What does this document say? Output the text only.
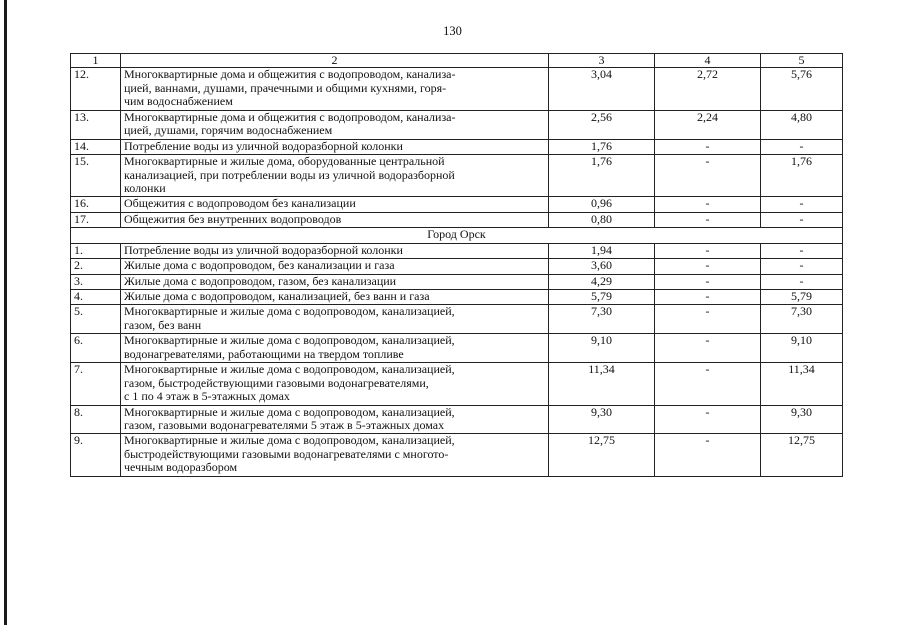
130
1	2	3	4	5
12.	Многоквартирные дома и общежития с водопроводом, канализа-
цией, ваннами, душами, прачечными и общими кухнями, горя-
чим водоснабжением	3,04	2,72	5,76
13.	Многоквартирные дома и общежития с водопроводом, канализа-
цией, душами, горячим водоснабжением	2,56	2,24	4,80
14.	Потребление воды из уличной водоразборной колонки	1,76	-	-
15.	Многоквартирные и жилые дома, оборудованные центральной
канализацией, при потреблении воды из уличной водоразборной
колонки	1,76	-	1,76
16.	Общежития с водопроводом без канализации	0,96	-	-
17.	Общежития без внутренних водопроводов	0,80	-	-
Город Орск				
1.	Потребление воды из уличной водоразборной колонки	1,94	-	-
2.	Жилые дома с водопроводом, без канализации и газа	3,60	-	-
3.	Жилые дома с водопроводом, газом, без канализации	4,29	-	-
4.	Жилые дома с водопроводом, канализацией, без ванн и газа	5,79	-	5,79
5.	Многоквартирные и жилые дома с водопроводом, канализацией,
газом, без ванн	7,30	-	7,30
6.	Многоквартирные и жилые дома с водопроводом, канализацией,
водонагревателями, работающими на твердом топливе	9,10	-	9,10
7.	Многоквартирные и жилые дома с водопроводом, канализацией,
газом, быстродействующими газовыми водонагревателями,
с 1 по 4 этаж в 5-этажных домах	11,34	-	11,34
8.	Многоквартирные и жилые дома с водопроводом, канализацией,
газом, газовыми водонагревателями 5 этаж в 5-этажных домах	9,30	-	9,30
9.	Многоквартирные и жилые дома с водопроводом, канализацией,
быстродействующими газовыми водонагревателями с многото-
чечным водоразбором	12,75	-	12,75
